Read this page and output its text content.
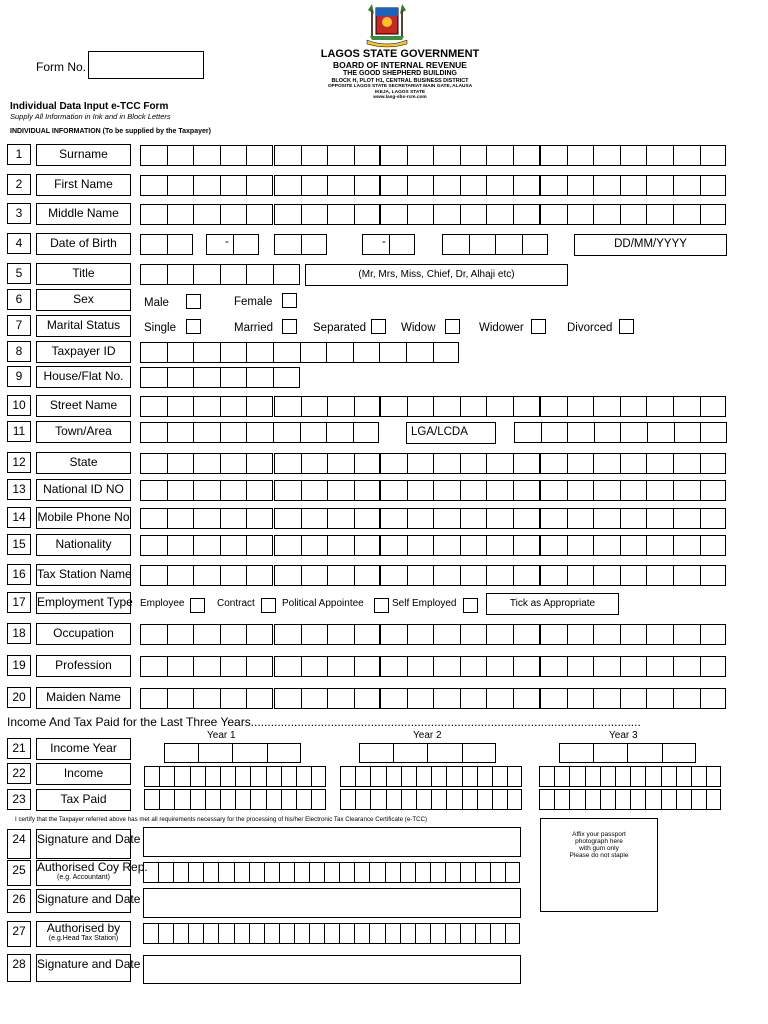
Form No.
LAGOS STATE GOVERNMENT
BOARD OF INTERNAL REVENUE
THE GOOD SHEPHERD BUILDING
BLOCK H, PLOT H1, CENTRAL BUSINESS DISTRICT
OPPOSITE LAGOS STATE SECRETARIAT MAIN GATE, ALAUSA
IKEJA, LAGOS STATE
www.lasg-sbs-rcm.com
Individual Data Input e-TCC Form
Supply All Information in Ink and in Block Letters
INDIVIDUAL INFORMATION (To be supplied by the Taxpayer)
-	-	DD/MM/YYYY
(Mr, Mrs, Miss, Chief, Dr, Alhaji etc)
Male	Female
Single	Married	Separated	Widow	Widower	Divorced
LGA/LCDA
Employee	Contract	Political Appointee	Self Employed	Tick as Appropriate
Income And Tax Paid for the Last Three Years.....................................................................................................................
Year 1	Year 2	Year 3
I certify that the Taxpayer referred above has met all requirements necessary for the processing of his/her Electronic Tax Clearance Certificate (e-TCC)
Affix your passport
photograph here
with gum only
Please do not staple
1	Surname
2	First Name
3	Middle Name
4	Date of Birth
5	Title
6	Sex
7	Marital Status
8	Taxpayer ID
9	House/Flat No.
10	Street Name
11	Town/Area
12	State
13	National ID NO
14 Mobile Phone No
15	Nationality
16 Tax Station Name
17 Employment Type
18	Occupation
19	Profession
20	Maiden Name
21	Income Year
22	Income
23	Tax Paid
24 Signature and Date
25 Authorised Coy Rep.
(e.g. Accountant)
26 Signature and Date
27	Authorised by
(e.g.Head Tax Station)
28 Signature and Date
